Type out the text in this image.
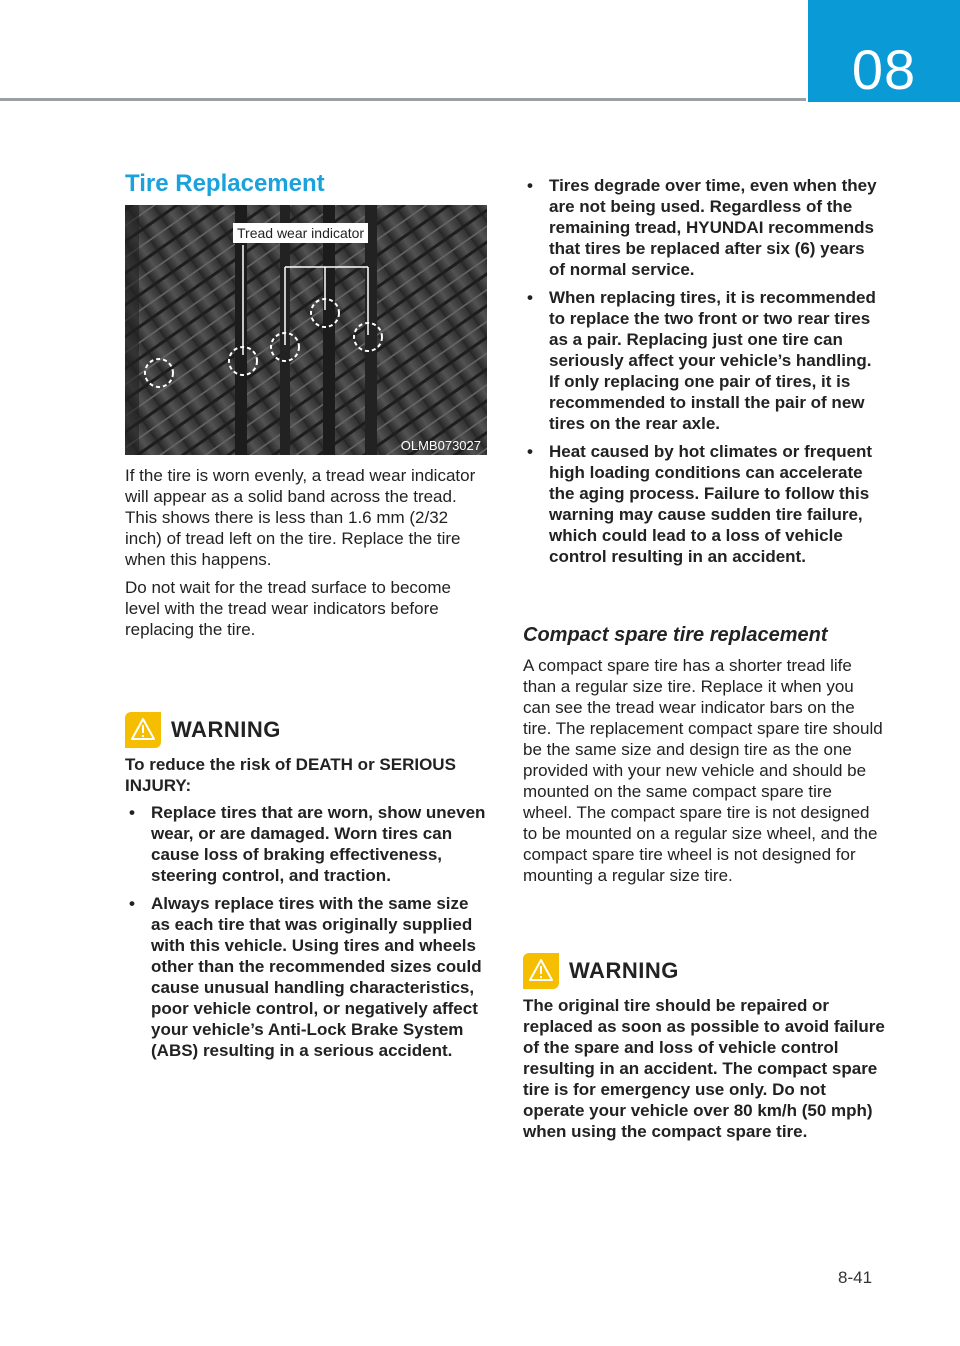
08
Tire Replacement
Tread wear indicator
OLMB073027

If the tire is worn evenly, a tread wear indicator will appear as a solid band across the tread. This shows there is less than 1.6 mm (2/32 inch) of tread left on the tire. Replace the tire when this happens.

Do not wait for the tread surface to become level with the tread wear indicators before replacing the tire.

WARNING

To reduce the risk of DEATH or SERIOUS INJURY:

• Replace tires that are worn, show uneven wear, or are damaged. Worn tires can cause loss of braking effectiveness, steering control, and traction.
• Always replace tires with the same size as each tire that was originally supplied with this vehicle. Using tires and wheels other than the recommended sizes could cause unusual handling characteristics, poor vehicle control, or negatively affect your vehicle’s Anti-Lock Brake System (ABS) resulting in a serious accident.
• Tires degrade over time, even when they are not being used. Regardless of the remaining tread, HYUNDAI recommends that tires be replaced after six (6) years of normal service.
• When replacing tires, it is recommended to replace the two front or two rear tires as a pair. Replacing just one tire can seriously affect your vehicle’s handling. If only replacing one pair of tires, it is recommended to install the pair of new tires on the rear axle.
• Heat caused by hot climates or frequent high loading conditions can accelerate the aging process. Failure to follow this warning may cause sudden tire failure, which could lead to a loss of vehicle control resulting in an accident.

Compact spare tire replacement

A compact spare tire has a shorter tread life than a regular size tire. Replace it when you can see the tread wear indicator bars on the tire. The replacement compact spare tire should be the same size and design tire as the one provided with your new vehicle and should be mounted on the same compact spare tire wheel. The compact spare tire is not designed to be mounted on a regular size wheel, and the compact spare tire wheel is not designed for mounting a regular size tire.

WARNING

The original tire should be repaired or replaced as soon as possible to avoid failure of the spare and loss of vehicle control resulting in an accident. The compact spare tire is for emergency use only. Do not operate your vehicle over 80 km/h (50 mph) when using the compact spare tire.

8-41
